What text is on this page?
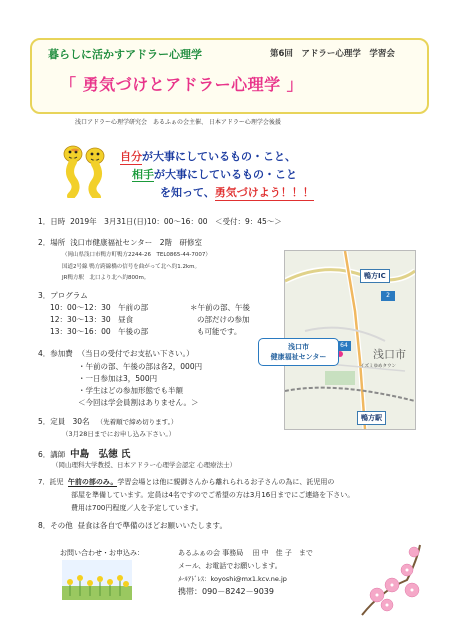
暮らしに活かすアドラー心理学	第6回　アドラー心理学　学習会
「 勇気づけとアドラー心理学 」
浅口アドラー心理学研究会　あるふぁの会主催、 日本アドラー心理学会後援
自分が大事にしているもの・こと、
相手が大事にしているもの・こと
を知って、勇気づけよう！！！
1．日時 2019年　3月31日(日)10：00～16：00　＜受付：9：45～＞
2．場所 浅口市健康福祉センター　2階　研修室
（岡山県浅口市鴨方町鴨方2244-26　TEL0865-44-7007）
国道2号線 鴨方跨線橋の信号を曲がって北へ約1.2km。
JR鴨方駅　北口より北へ約800m。
3．プログラム
10：00～12：30　午前の部
12：30～13：30　昼食
13：30～16：00　午後の部
＊午前の部、午後
の部だけの参加
も可能です。
4．参加費 （当日の受付でお支払い下さい。）
・午前の部、午後の部は各2，000円
・一日参加は3，500円
・学生はどの参加形態でも半額
＜今回は学会員割はありません。＞
5．定員 30名 （先着順で締め切ります。）
（3月28日までにお申し込み下さい。）
鴨方IC
鴨方駅
浅口市
イズミゆめタウン
2
64
浅口市
健康福祉センター
6．講師 中島　弘徳 氏
（岡山理科大学教授、日本アドラー心理学会認定 心理療法士）
7．託児 午前の部のみ。学習会場とは他に親御さんから離れられるお子さんの為に、託児用の
部屋を準備しています。定員は4名ですのでご希望の方は3月16日までにご連絡を下さい。
費用は700円程度／人を予定しています。
8．その他 昼食は各自で準備のほどお願いいたします。
お問い合わせ・お申込み：	あるふぁの会 事務局　 田 中　佳 子　まで
メール、お電話でお願いします。
ﾒｰﾙｱﾄﾞﾚｽ：koyoshi@mx1.kcv.ne.jp
携帯：090－8242－9039
